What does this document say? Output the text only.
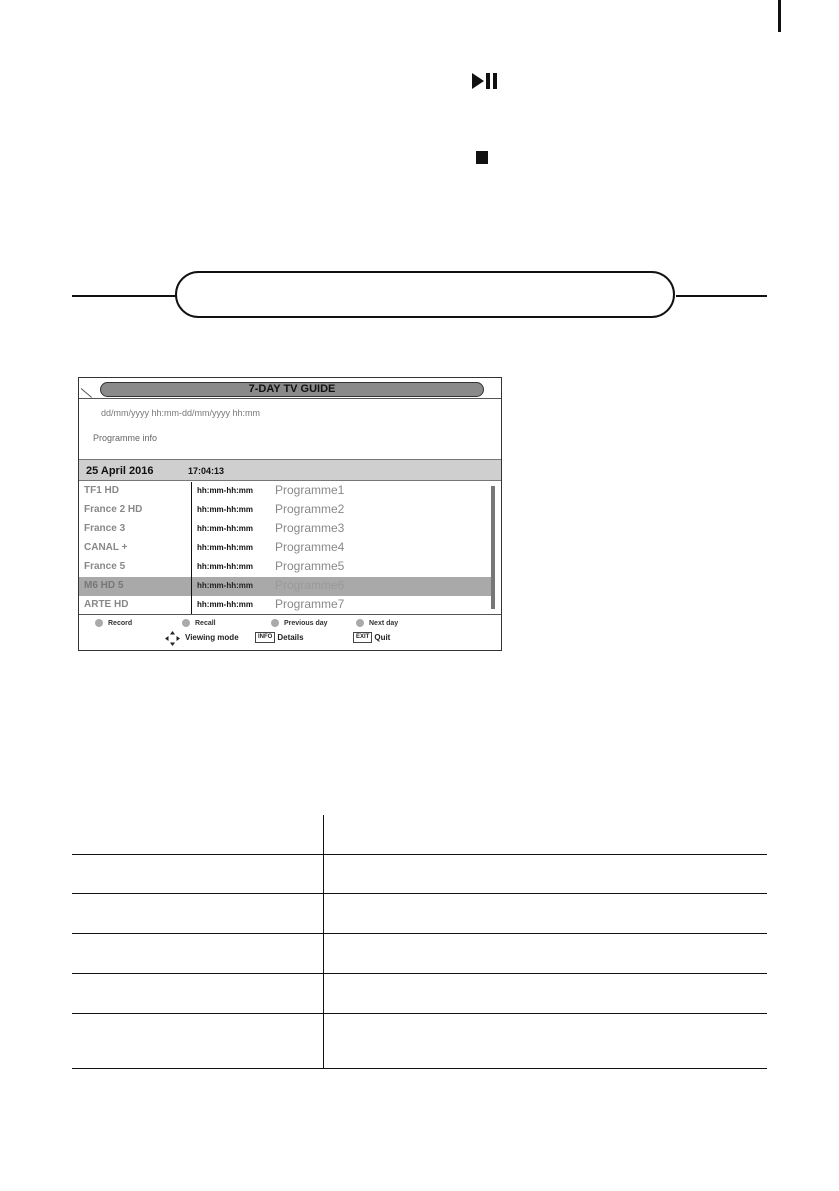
7-DAY TV GUIDE
dd/mm/yyyy hh:mm-dd/mm/yyyy hh:mm
Programme info
25 April 2016	17:04:13
TF1 HD	hh:mm-hh:mm Programme1
France 2 HD	hh:mm-hh:mm Programme2
France 3	hh:mm-hh:mm Programme3
CANAL +	hh:mm-hh:mm Programme4
France 5	hh:mm-hh:mm Programme5
M6 HD 5	hh:mm-hh:mm Programme6
ARTE HD	hh:mm-hh:mm Programme7
Record	Recall	Previous day	Next day
Viewing mode	INFO Details	EXIT Quit
